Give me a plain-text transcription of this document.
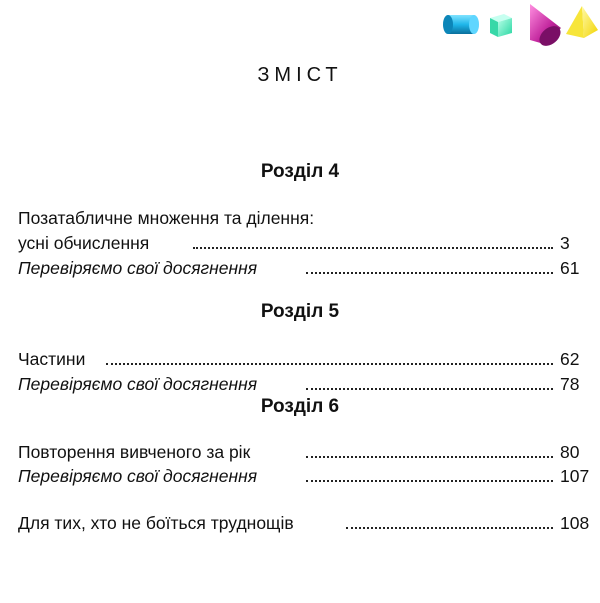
ЗМІСТ
Розділ 4
Позатабличне множення та ділення:
усні обчислення	3
Перевіряємо свої досягнення	61
Розділ 5
Частини	62
Перевіряємо свої досягнення	78
Розділ 6
Повторення вивченого за рік	80
Перевіряємо свої досягнення	107
Для тих, хто не боїться труднощів	108
